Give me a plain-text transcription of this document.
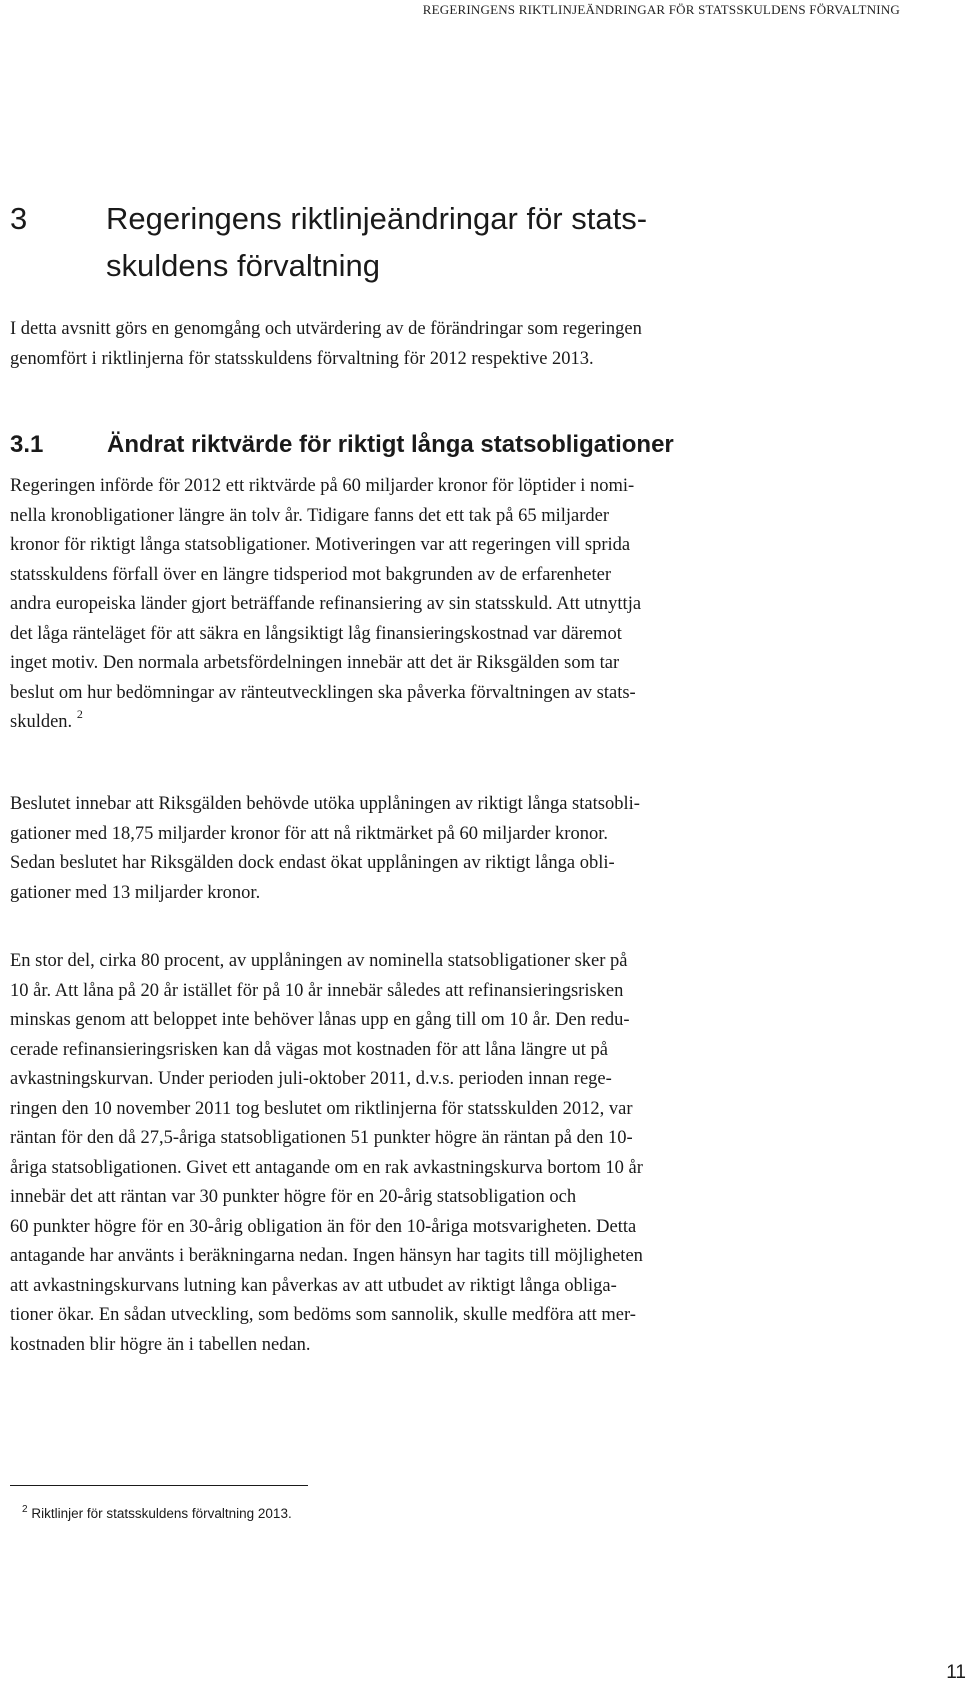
REGERINGENS RIKTLINJEÄNDRINGAR FÖR STATSSKULDENS FÖRVALTNING
3	Regeringens riktlinjeändringar för stats-
skuldens förvaltning
I detta avsnitt görs en genomgång och utvärdering av de förändringar som regeringen
genomfört i riktlinjerna för statsskuldens förvaltning för 2012 respektive 2013.
3.1	Ändrat riktvärde för riktigt långa statsobligationer
Regeringen införde för 2012 ett riktvärde på 60 miljarder kronor för löptider i nomi-
nella kronobligationer längre än tolv år. Tidigare fanns det ett tak på 65 miljarder
kronor för riktigt långa statsobligationer. Motiveringen var att regeringen vill sprida
statsskuldens förfall över en längre tidsperiod mot bakgrunden av de erfarenheter
andra europeiska länder gjort beträffande refinansiering av sin statsskuld. Att utnyttja
det låga ränteläget för att säkra en långsiktigt låg finansieringskostnad var däremot
inget motiv. Den normala arbetsfördelningen innebär att det är Riksgälden som tar
beslut om hur bedömningar av ränteutvecklingen ska påverka förvaltningen av stats-
skulden. $^2$
Beslutet innebar att Riksgälden behövde utöka upplåningen av riktigt långa statsobli-
gationer med 18,75 miljarder kronor för att nå riktmärket på 60 miljarder kronor.
Sedan beslutet har Riksgälden dock endast ökat upplåningen av riktigt långa obli-
gationer med 13 miljarder kronor.
En stor del, cirka 80 procent, av upplåningen av nominella statsobligationer sker på
10 år. Att låna på 20 år istället för på 10 år innebär således att refinansieringsrisken
minskas genom att beloppet inte behöver lånas upp en gång till om 10 år. Den redu-
cerade refinansieringsrisken kan då vägas mot kostnaden för att låna längre ut på
avkastningskurvan. Under perioden juli-oktober 2011, d.v.s. perioden innan rege-
ringen den 10 november 2011 tog beslutet om riktlinjerna för statsskulden 2012, var
räntan för den då 27,5-åriga statsobligationen 51 punkter högre än räntan på den 10-
åriga statsobligationen. Givet ett antagande om en rak avkastningskurva bortom 10 år
innebär det att räntan var 30 punkter högre för en 20-årig statsobligation och
60 punkter högre för en 30-årig obligation än för den 10-åriga motsvarigheten. Detta
antagande har använts i beräkningarna nedan. Ingen hänsyn har tagits till möjligheten
att avkastningskurvans lutning kan påverkas av att utbudet av riktigt långa obliga-
tioner ökar. En sådan utveckling, som bedöms som sannolik, skulle medföra att mer-
kostnaden blir högre än i tabellen nedan.
$^2$ Riktlinjer för statsskuldens förvaltning 2013.
11
